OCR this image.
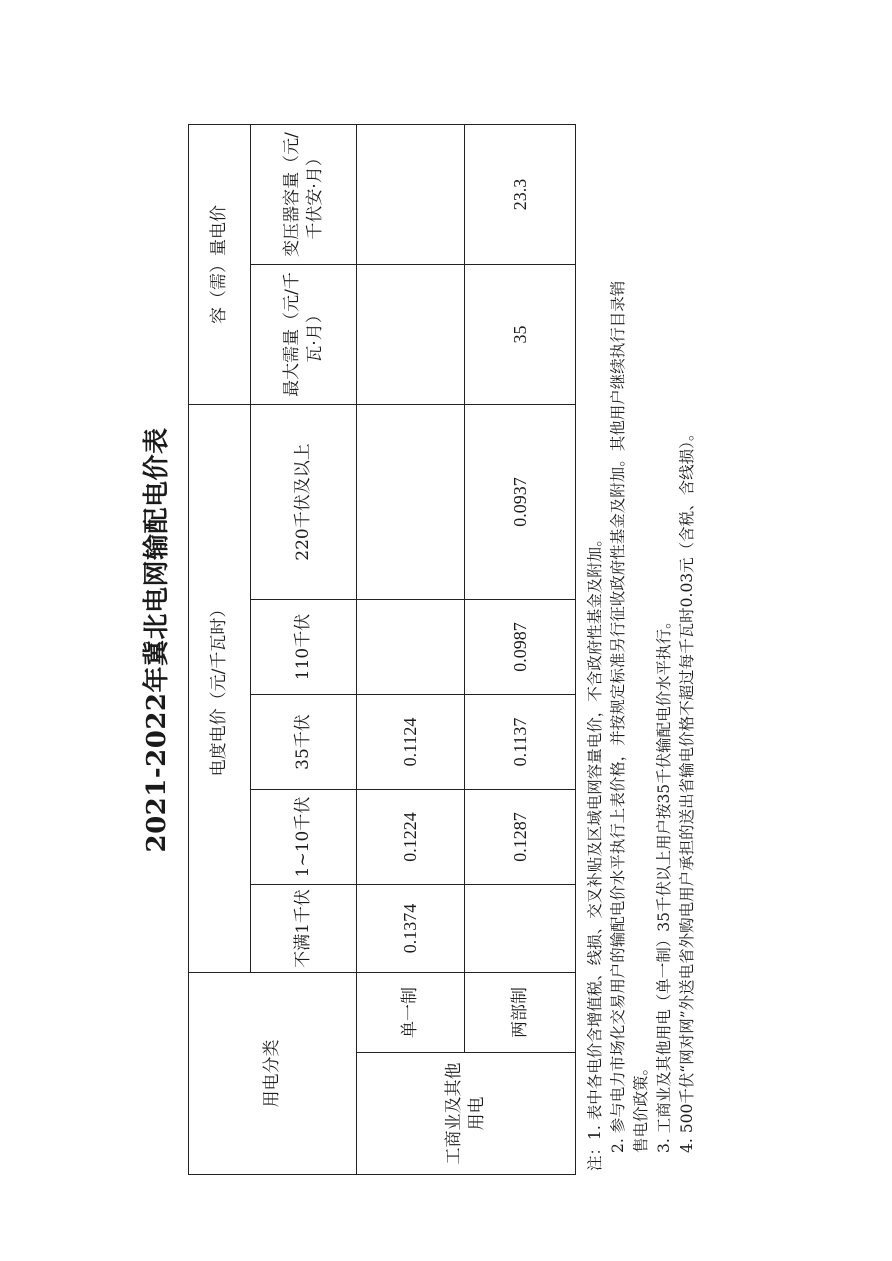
2021-2022年冀北电网输配电价表
用电分类		电度电价（元/千瓦时）					容（需）量电价	
		不满1千伏	1~10千伏	35千伏	110千伏	220千伏及以上	最大需量（元/千瓦·月）	变压器容量（元/千伏安·月）
工商业及其他用电	单一制	0.1374	0.1224	0.1124				
	两部制		0.1287	0.1137	0.0987	0.0937	35	23.3
注：1. 表中各电价含增值税、线损、交叉补贴及区域电网容量电价，不含政府性基金及附加。 2. 参与电力市场化交易用户的输配电价水平执行上表价格，并按规定标准另行征收政府性基金及附加。其他用户继续执行目录销 售电价政策。 3. 工商业及其他用电（单一制）35千伏以上用户按35千伏输配电价水平执行。 4. 500千伏“网对网”外送电省外购电用户承担的送出省输电价格不超过每千瓦时0.03元（含税、含线损）。
